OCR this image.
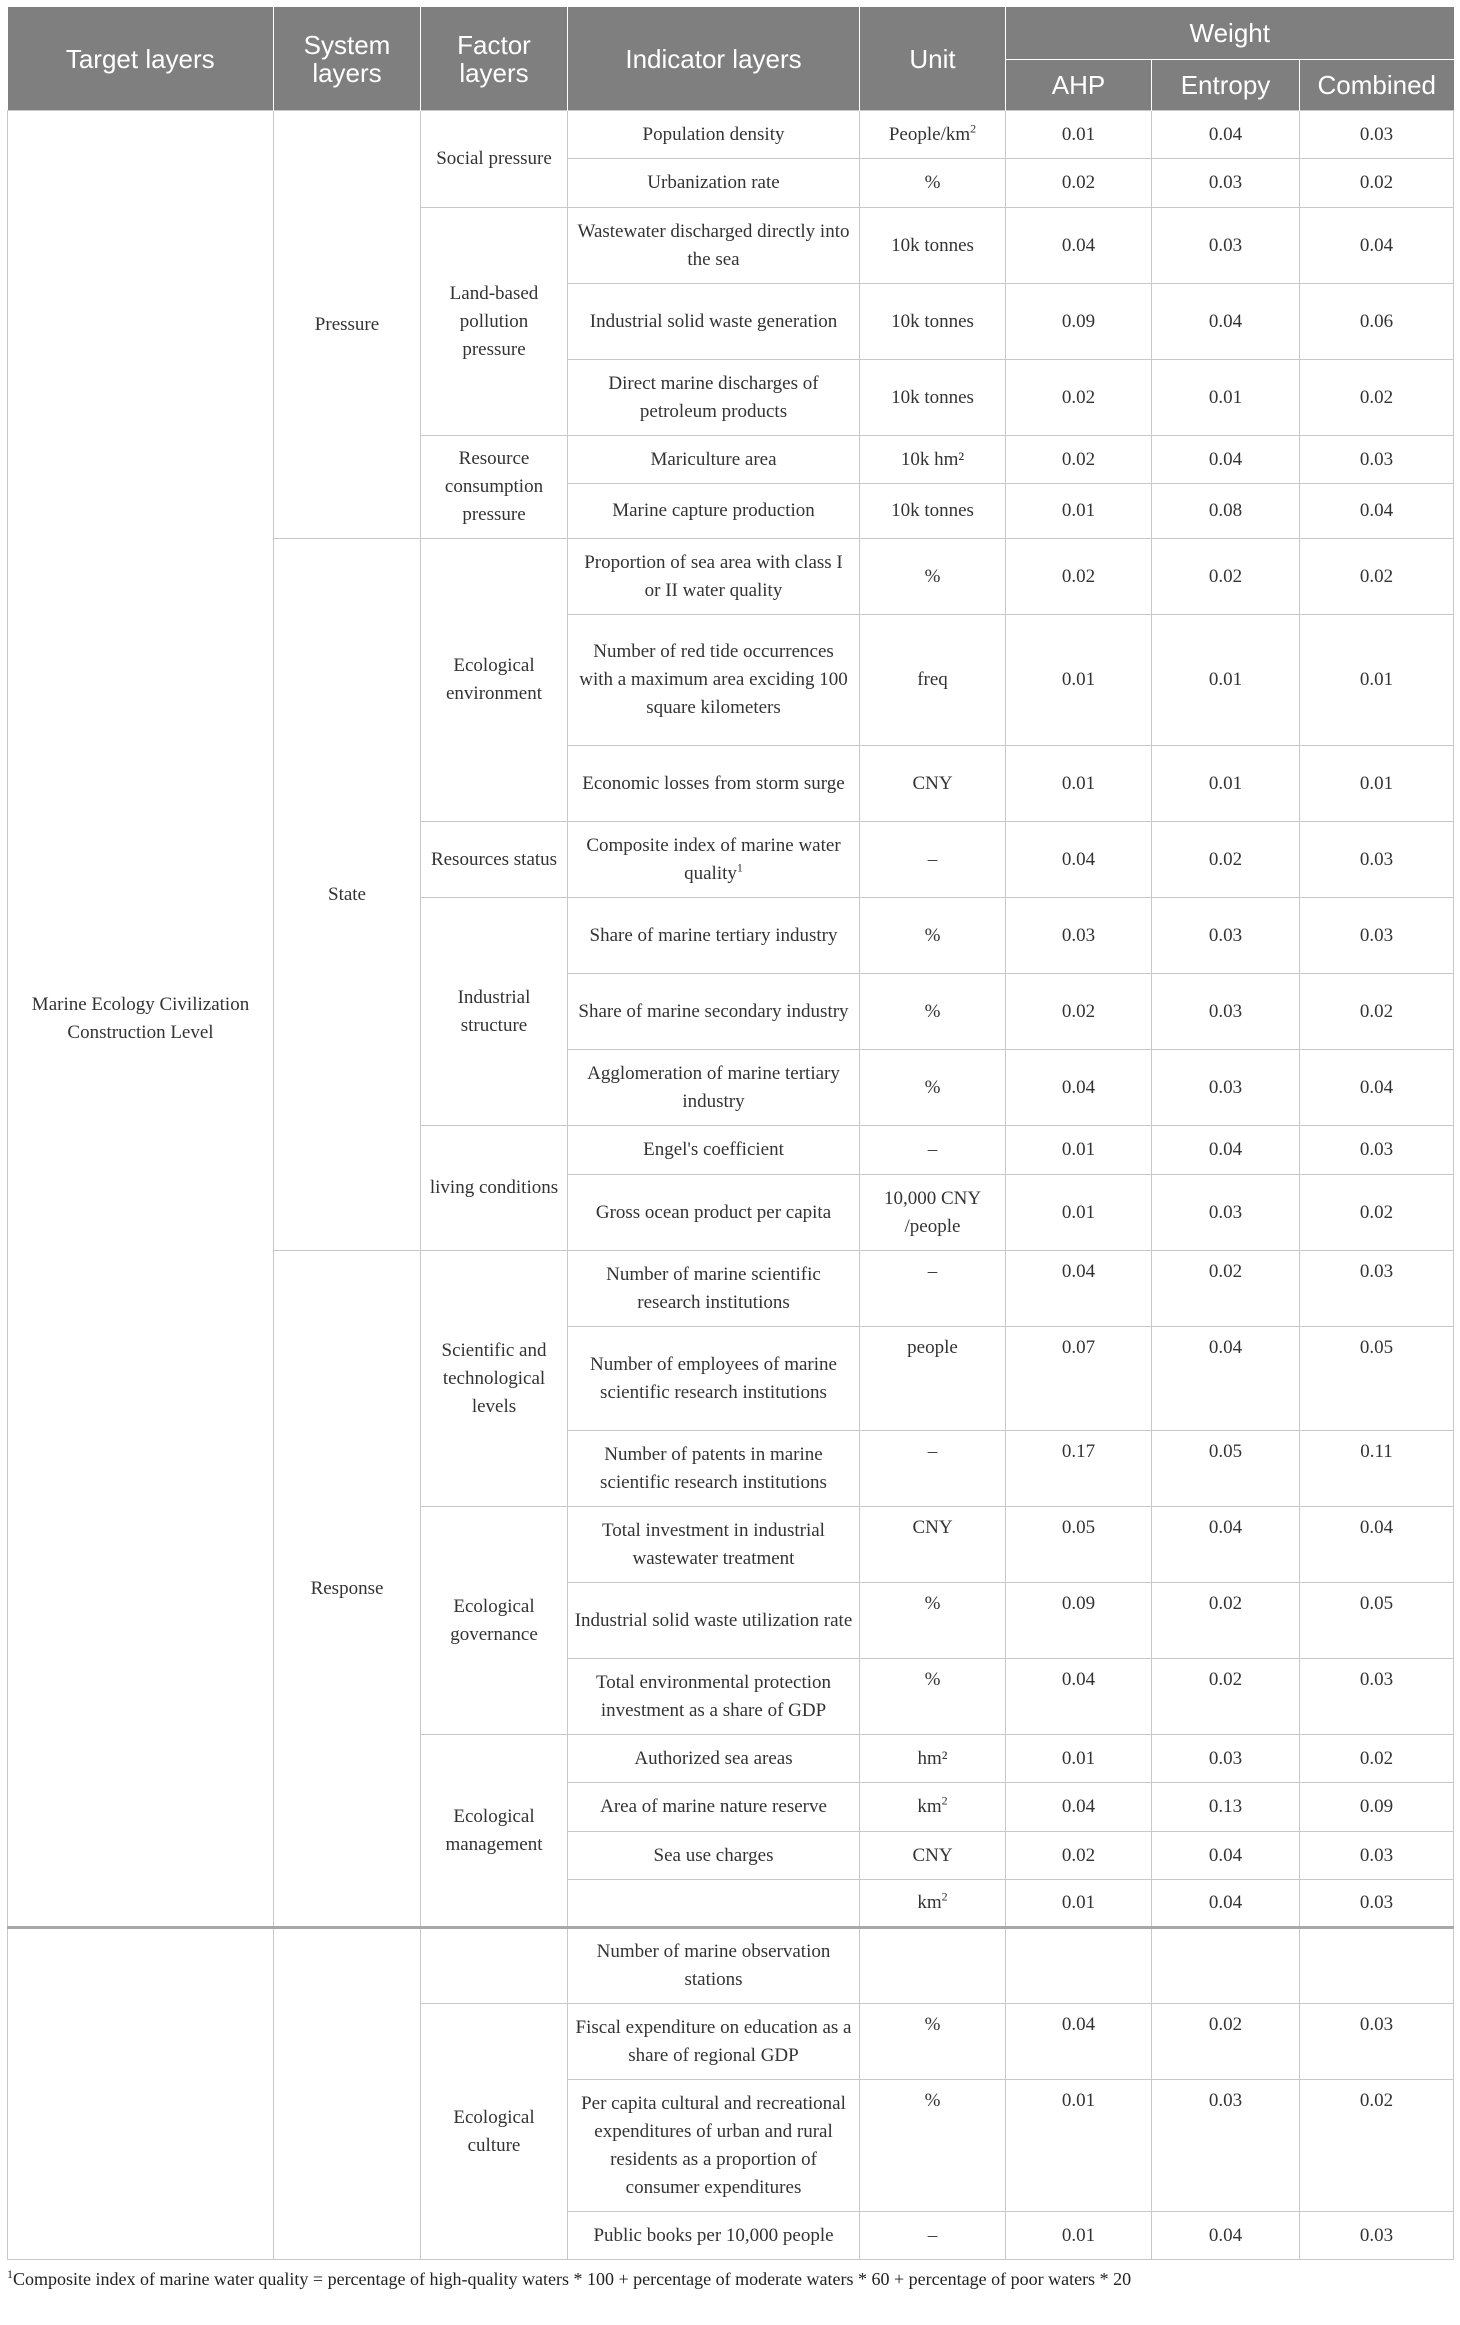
Target layers	System layers	Factor layers	Indicator layers	Unit	Weight		
					AHP	Entropy	Combined
Marine Ecology Civilization Construction Level	Pressure	Social pressure	Population density	People/$km^2$	0.01	0.04	0.03
			Urbanization rate	%	0.02	0.03	0.02
		Land-based pollution pressure	Wastewater discharged directly into the sea	10k tonnes	0.04	0.03	0.04
			Industrial solid waste generation	10k tonnes	0.09	0.04	0.06
			Direct marine discharges of petroleum products	10k tonnes	0.02	0.01	0.02
		Resource consumption pressure	Mariculture area	10k hm²	0.02	0.04	0.03
			Marine capture production	10k tonnes	0.01	0.08	0.04
	State	Ecological environment	Proportion of sea area with class I or II water quality	%	0.02	0.02	0.02
			Number of red tide occurrences with a maximum area exciding 100 square kilometers	freq	0.01	0.01	0.01
			Economic losses from storm surge	CNY	0.01	0.01	0.01
		Resources status	Composite index of marine water quality$^1$	–	0.04	0.02	0.03
		Industrial structure	Share of marine tertiary industry	%	0.03	0.03	0.03
			Share of marine secondary industry	%	0.02	0.03	0.02
			Agglomeration of marine tertiary industry	%	0.04	0.03	0.04
		living conditions	Engel's coefficient	–	0.01	0.04	0.03
			Gross ocean product per capita	10,000 CNY /people	0.01	0.03	0.02
	Response	Scientific and technological levels	Number of marine scientific research institutions	–	0.04	0.02	0.03
			Number of employees of marine scientific research institutions	people	0.07	0.04	0.05
			Number of patents in marine scientific research institutions	–	0.17	0.05	0.11
		Ecological governance	Total investment in industrial wastewater treatment	CNY	0.05	0.04	0.04
			Industrial solid waste utilization rate	%	0.09	0.02	0.05
			Total environmental protection investment as a share of GDP	%	0.04	0.02	0.03
		Ecological management	Authorized sea areas	hm²	0.01	0.03	0.02
			Area of marine nature reserve	$km^2$	0.04	0.13	0.09
			Sea use charges	CNY	0.02	0.04	0.03
				$km^2$	0.01	0.04	0.03
			Number of marine observation stations				
		Ecological culture	Fiscal expenditure on education as a share of regional GDP	%	0.04	0.02	0.03
			Per capita cultural and recreational expenditures of urban and rural residents as a proportion of consumer expenditures	%	0.01	0.03	0.02
			Public books per 10,000 people	–	0.01	0.04	0.03
$^1$Composite index of marine water quality = percentage of high-quality waters * 100 + percentage of moderate waters * 60 + percentage of poor waters * 20
